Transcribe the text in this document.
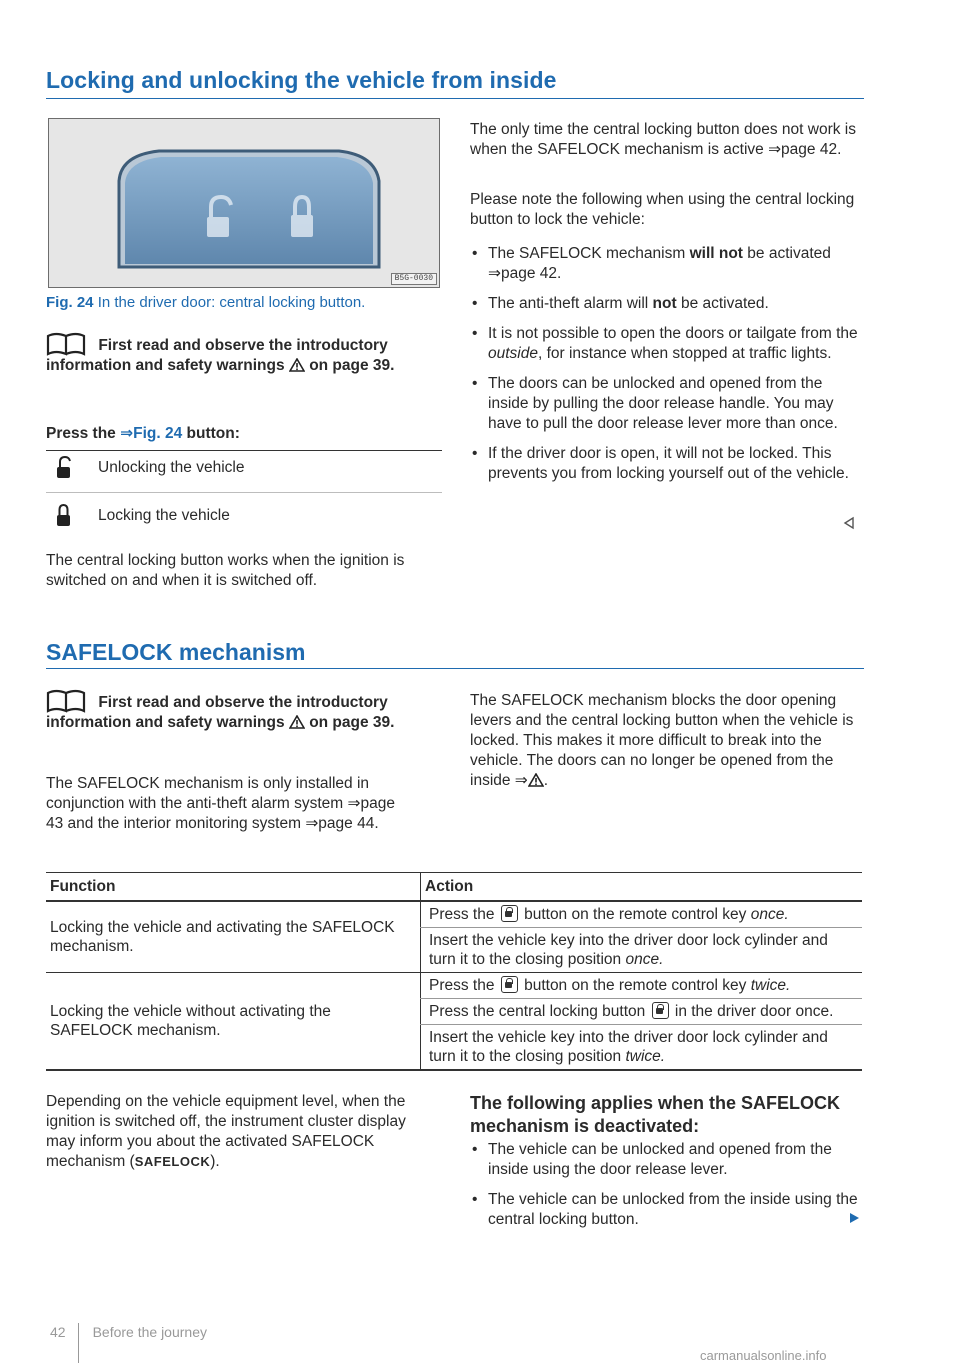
Locking and unlocking the vehicle from inside
B5G-0030
Fig. 24 In the driver door: central locking button.
First read and observe the introductory information and safety warnings on page 39.
Press the ⇒Fig. 24 button:
Unlocking the vehicle
Locking the vehicle

The central locking button works when the ignition is switched on and when it is switched off.

The only time the central locking button does not work is when the SAFELOCK mechanism is active ⇒page 42.

Please note the following when using the central locking button to lock the vehicle:

• The SAFELOCK mechanism will not be activated ⇒page 42.
• The anti-theft alarm will not be activated.
• It is not possible to open the doors or tailgate from the outside, for instance when stopped at traffic lights.
• The doors can be unlocked and opened from the inside by pulling the door release handle. You may have to pull the door release lever more than once.
• If the driver door is open, it will not be locked. This prevents you from locking yourself out of the vehicle.
SAFELOCK mechanism
First read and observe the introductory information and safety warnings on page 39.

The SAFELOCK mechanism is only installed in conjunction with the anti-theft alarm system ⇒page 43 and the interior monitoring system ⇒page 44.

The SAFELOCK mechanism blocks the door opening levers and the central locking button when the vehicle is locked. This makes it more difficult to break into the vehicle. The doors can no longer be opened from the inside ⇒ .

Function	Action
Locking the vehicle and activating the SAFELOCK mechanism.	Press the  button on the remote control key once.
	Insert the vehicle key into the driver door lock cylinder and turn it to the closing position once.
Locking the vehicle without activating the SAFELOCK mechanism.	Press the  button on the remote control key twice.
	Press the central locking button  in the driver door once.
	Insert the vehicle key into the driver door lock cylinder and turn it to the closing position twice.

Depending on the vehicle equipment level, when the ignition is switched off, the instrument cluster display may inform you about the activated SAFELOCK mechanism (SAFELOCK).

The following applies when the SAFELOCK mechanism is deactivated:
• The vehicle can be unlocked and opened from the inside using the door release lever.
• The vehicle can be unlocked from the inside using the central locking button.
42 Before the journey
carmanualsonline.info
